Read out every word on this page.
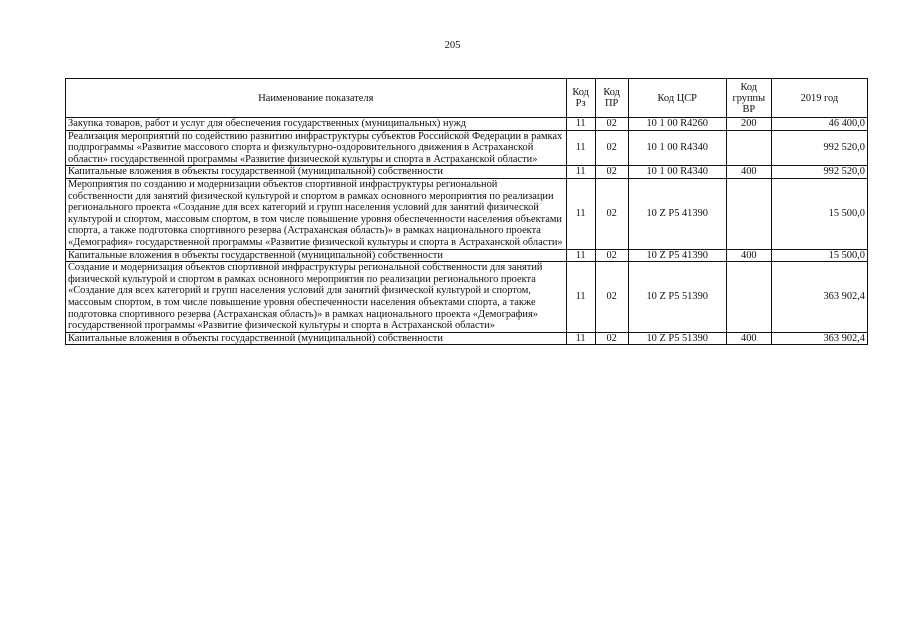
205
Наименование показателя	Код Рз	Код ПР	Код ЦСР	Код группы ВР	2019 год
Закупка товаров, работ и услуг для обеспечения государственных (муниципальных) нужд	11	02	10 1 00 R4260	200	46 400,0
Реализация мероприятий по содействию развитию инфраструктуры субъектов Российской Федерации в рамках подпрограммы «Развитие массового спорта и физкультурно-оздоровительного движения в Астраханской области» государственной программы «Развитие физической культуры и спорта в Астраханской области»	11	02	10 1 00 R4340		992 520,0
Капитальные вложения в объекты государственной (муниципальной) собственности	11	02	10 1 00 R4340	400	992 520,0
Мероприятия по созданию и модернизации объектов спортивной инфраструктуры региональной собственности для занятий физической культурой и спортом в рамках основного мероприятия по реализации регионального проекта «Создание для всех категорий и групп населения условий для занятий физической культурой и спортом, массовым спортом, в том числе повышение уровня обеспеченности населения объектами спорта, а также подготовка спортивного резерва (Астраханская область)» в рамках национального проекта «Демография» государственной программы «Развитие физической культуры и спорта в Астраханской области»	11	02	10 Z P5 41390		15 500,0
Капитальные вложения в объекты государственной (муниципальной) собственности	11	02	10 Z P5 41390	400	15 500,0
Создание и модернизация объектов спортивной инфраструктуры региональной собственности для занятий физической культурой и спортом в рамках основного мероприятия по реализации регионального проекта «Создание для всех категорий и групп населения условий для занятий физической культурой и спортом, массовым спортом, в том числе повышение уровня обеспеченности населения объектами спорта, а также подготовка спортивного резерва (Астраханская область)» в рамках национального проекта «Демография» государственной программы «Развитие физической культуры и спорта в Астраханской области»	11	02	10 Z P5 51390		363 902,4
Капитальные вложения в объекты государственной (муниципальной) собственности	11	02	10 Z P5 51390	400	363 902,4
